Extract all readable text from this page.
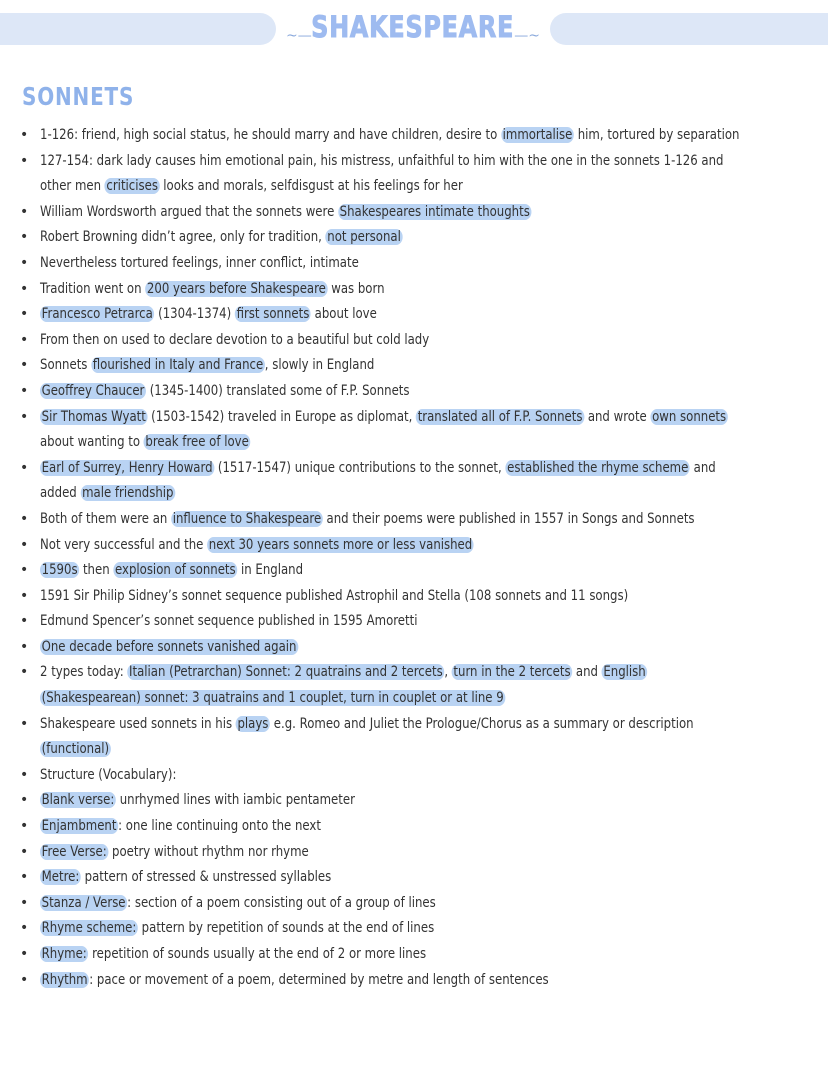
~— SHAKESPEARE —~
SONNETS
• 1-126: friend, high social status, he should marry and have children, desire to immortalise him, tortured by separation
• 127-154: dark lady causes him emotional pain, his mistress, unfaithful to him with the one in the sonnets 1-126 and
other men criticises looks and morals, selfdisgust at his feelings for her
• William Wordsworth argued that the sonnets were Shakespeares intimate thoughts
• Robert Browning didn’t agree, only for tradition, not personal
• Nevertheless tortured feelings, inner conflict, intimate
• Tradition went on 200 years before Shakespeare was born
• Francesco Petrarca (1304-1374) first sonnets about love
• From then on used to declare devotion to a beautiful but cold lady
• Sonnets flourished in Italy and France , slowly in England
• Geoffrey Chaucer (1345-1400) translated some of F.P. Sonnets
• Sir Thomas Wyatt (1503-1542) traveled in Europe as diplomat, translated all of F.P. Sonnets and wrote own sonnets
about wanting to break free of love
• Earl of Surrey, Henry Howard (1517-1547) unique contributions to the sonnet, established the rhyme scheme and
added male friendship
• Both of them were an influence to Shakespeare and their poems were published in 1557 in Songs and Sonnets
• Not very successful and the next 30 years sonnets more or less vanished
• 1590s then explosion of sonnets in England
• 1591 Sir Philip Sidney’s sonnet sequence published Astrophil and Stella (108 sonnets and 11 songs)
• Edmund Spencer’s sonnet sequence published in 1595 Amoretti
• One decade before sonnets vanished again
• 2 types today: Italian (Petrarchan) Sonnet: 2 quatrains and 2 tercets , turn in the 2 tercets and English
(Shakespearean) sonnet: 3 quatrains and 1 couplet, turn in couplet or at line 9
• Shakespeare used sonnets in his plays e.g. Romeo and Juliet the Prologue/Chorus as a summary or description
(functional)
• Structure (Vocabulary):
• Blank verse: unrhymed lines with iambic pentameter
• Enjambment : one line continuing onto the next
• Free Verse: poetry without rhythm nor rhyme
• Metre: pattern of stressed & unstressed syllables
• Stanza / Verse : section of a poem consisting out of a group of lines
• Rhyme scheme: pattern by repetition of sounds at the end of lines
• Rhyme: repetition of sounds usually at the end of 2 or more lines
• Rhythm : pace or movement of a poem, determined by metre and length of sentences
